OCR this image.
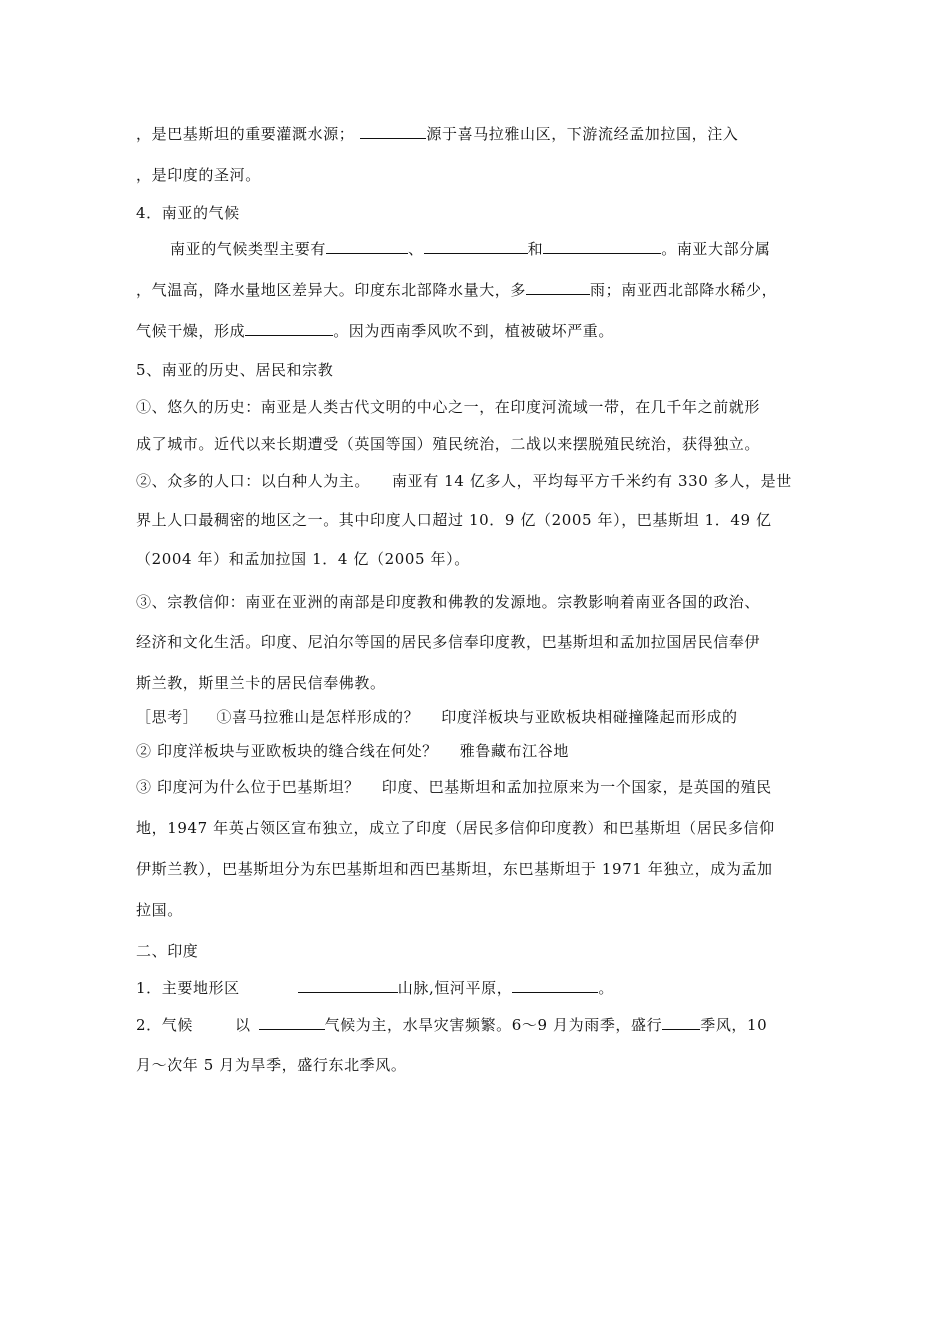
，是巴基斯坦的重要灌溉水源；	源于喜马拉雅山区，下游流经孟加拉国，注入
，是印度的圣河。
4．南亚的气候
南亚的气候类型主要有	、	和	。南亚大部分属
，气温高，降水量地区差异大。印度东北部降水量大，多	雨；南亚西北部降水稀少，
气候干燥，形成	。因为西南季风吹不到，植被破坏严重。
5、南亚的历史、居民和宗教
①、悠久的历史：南亚是人类古代文明的中心之一，在印度河流域一带，在几千年之前就形
成了城市。近代以来长期遭受（英国等国）殖民统治，二战以来摆脱殖民统治，获得独立。
②、众多的人口：以白种人为主。 南亚有 14 亿多人，平均每平方千米约有 330 多人，是世
界上人口最稠密的地区之一。其中印度人口超过 10．9 亿（2005 年），巴基斯坦 1．49 亿
（2004 年）和孟加拉国 1．4 亿（2005 年）。
③、宗教信仰：南亚在亚洲的南部是印度教和佛教的发源地。宗教影响着南亚各国的政治、
经济和文化生活。印度、尼泊尔等国的居民多信奉印度教，巴基斯坦和孟加拉国居民信奉伊
斯兰教，斯里兰卡的居民信奉佛教。
［思考］ ①喜马拉雅山是怎样形成的？ 印度洋板块与亚欧板块相碰撞隆起而形成的
② 印度洋板块与亚欧板块的缝合线在何处？ 雅鲁藏布江谷地
③ 印度河为什么位于巴基斯坦？ 印度、巴基斯坦和孟加拉原来为一个国家，是英国的殖民
地，1947 年英占领区宣布独立，成立了印度（居民多信仰印度教）和巴基斯坦（居民多信仰
伊斯兰教），巴基斯坦分为东巴基斯坦和西巴基斯坦，东巴基斯坦于 1971 年独立，成为孟加
拉国。
二、印度
1．主要地形区	山脉,恒河平原，	。
2．气候	以	气候为主，水旱灾害频繁。6～9 月为雨季，盛行	季风，10
月～次年 5 月为旱季，盛行东北季风。
